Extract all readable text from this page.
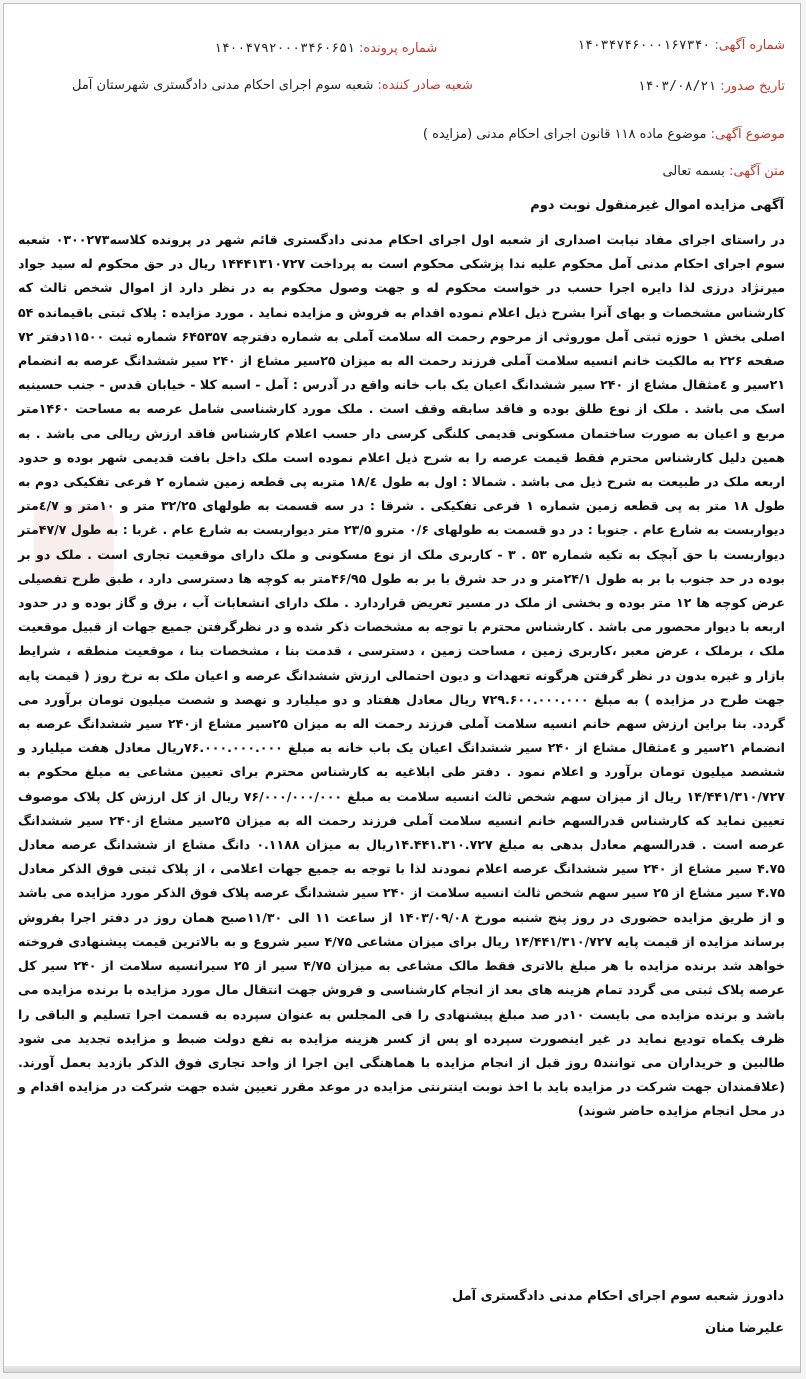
شماره آگهی: ۱۴۰۳۴۷۴۶۰۰۰۱۶۷۳۴۰
شماره پرونده: ۱۴۰۰۴۷۹۲۰۰۰۳۴۶۰۶۵۱
تاریخ صدور: ۱۴۰۳/۰۸/۲۱
شعبه صادر کننده: شعبه سوم اجرای احکام مدنی دادگستری شهرستان آمل
موضوع آگهی: موضوع ماده ۱۱۸ قانون اجرای احکام مدنی (مزایده )
متن آگهی: بسمه تعالی
آگهی مزایده اموال غیرمنقول نوبت دوم
در راستای اجرای مفاد نیابت اصداری از شعبه اول اجرای احکام مدنی دادگستری قائم شهر در پرونده کلاسه۰۳۰۰۲۷۳ شعبه سوم اجرای احکام مدنی آمل محکوم علیه ندا پزشکی محکوم است به پرداخت ۱۴۴۴۱۳۱۰۷۲۷ ریال در حق محکوم له سید جواد میرنژاد درزی لذا دایره اجرا حسب در خواست محکوم له و جهت وصول محکوم به در نظر دارد از اموال شخص ثالث که کارشناس مشخصات و بهای آنرا بشرح ذیل اعلام نموده اقدام به فروش و مزایده نماید . مورد مزایده : پلاک ثبتی باقیمانده ۵۴ اصلی بخش ۱ حوزه ثبتی آمل موروثی از مرحوم رحمت اله سلامت آملی به شماره دفترچه ۶۴۵۳۵۷ شماره ثبت ۱۱۵۰۰دفتر ۷۲ صفحه ۲۲۶ به مالکیت خانم انسیه سلامت آملی فرزند رحمت اله به میزان ۲۵سیر مشاع از ۲۴۰ سیر ششدانگ عرصه به انضمام ۲۱سیر و ٤مثقال مشاع از ۲۴۰ سیر ششدانگ اعیان یک باب خانه واقع در آدرس : آمل - اسبه کلا - خیابان قدس - جنب حسینیه اسک می باشد . ملک از نوع طلق بوده و فاقد سابقه وقف است . ملک مورد کارشناسی شامل عرصه به مساحت ۱۴۶۰متر مربع و اعیان به صورت ساختمان مسکونی قدیمی کلنگی کرسی دار حسب اعلام کارشناس فاقد ارزش ریالی می باشد . به همین دلیل کارشناس محترم فقط قیمت عرصه را به شرح ذیل اعلام نموده است ملک داخل بافت قدیمی شهر بوده و حدود اربعه ملک در طبیعت به شرح ذیل می باشد . شمالا : اول به طول ۱۸/٤ متربه پی قطعه زمین شماره ۲ فرعی تفکیکی دوم به طول ۱۸ متر به پی قطعه زمین شماره ۱ فرعی تفکیکی . شرقا : در سه قسمت به طولهای ۳۲/۲۵ متر و ۱۰متر و ٤/۷متر دیواربست به شارع عام . جنوبا : در دو قسمت به طولهای ۰/۶ مترو ۲۳/۵ متر دیواربست به شارع عام . غربا : به طول ۴۷/۷متر دیواربست با حق آبچک به تکیه شماره ۵۳ . ۳ - کاربری ملک از نوع مسکونی و ملک دارای موقعیت تجاری است . ملک دو بر بوده در حد جنوب با بر به طول ۲۴/۱متر و در حد شرق با بر به طول ۴۶/۹۵متر به کوچه ها دسترسی دارد ، طبق طرح تفصیلی عرض کوچه ها ۱۲ متر بوده و بخشی از ملک در مسیر تعریض قراردارد . ملک دارای انشعابات آب ، برق و گاز بوده و در حدود اربعه با دیوار محصور می باشد . کارشناس محترم با توجه به مشخصات ذکر شده و در نظرگرفتن جمیع جهات از قبیل موقعیت ملک ، برملک ، عرض معبر ،کاربری زمین ، مساحت زمین ، دسترسی ، قدمت بنا ، مشخصات بنا ، موقعیت منطقه ، شرایط بازار و غیره بدون در نظر گرفتن هرگونه تعهدات و دیون احتمالی ارزش ششدانگ عرصه و اعیان ملک به نرخ روز ( قیمت پایه جهت طرح در مزایده ) به مبلغ ۷۲۹.۶۰۰.۰۰۰.۰۰۰ ریال معادل هفتاد و دو میلیارد و نهصد و شصت میلیون تومان برآورد می گردد. بنا براین ارزش سهم خانم انسیه سلامت آملی فرزند رحمت اله به میزان ۲۵سیر مشاع از۲۴۰ سیر ششدانگ عرصه به انضمام ۲۱سیر و ٤مثقال مشاع از ۲۴۰ سیر ششدانگ اعیان یک باب خانه به مبلغ ۷۶.۰۰۰.۰۰۰.۰۰۰ریال معادل هفت میلیارد و ششصد میلیون تومان برآورد و اعلام نمود . دفتر طی ابلاغیه به کارشناس محترم برای تعیین مشاعی به مبلغ محکوم به ۱۴/۴۴۱/۳۱۰/۷۲۷ ریال از میزان سهم شخص ثالث انسیه سلامت به مبلغ ۷۶/۰۰۰/۰۰۰/۰۰۰ ریال از کل ارزش کل پلاک موصوف تعیین نماید که کارشناس قدرالسهم خانم انسیه سلامت آملی فرزند رحمت اله به میزان ۲۵سیر مشاع از۲۴۰ سیر ششدانگ عرصه است . قدرالسهم معادل بدهی به مبلغ ۱۴.۴۴۱.۳۱۰.۷۲۷ریال به میزان ۰.۱۱۸۸ دانگ مشاع از ششدانگ عرصه معادل ۴.۷۵ سیر مشاع از ۲۴۰ سیر ششدانگ عرصه اعلام نمودند لذا با توجه به جمیع جهات اعلامی ، از پلاک ثبتی فوق الذکر معادل ۴.۷۵ سیر مشاع از ۲۵ سیر سهم شخص ثالث انسیه سلامت از ۲۴۰ سیر ششدانگ عرصه پلاک فوق الذکر مورد مزایده می باشد و از طریق مزایده حضوری در روز پنج شنبه مورخ ۱۴۰۳/۰۹/۰۸ از ساعت ۱۱ الی ۱۱/۳۰صبح همان روز در دفتر اجرا بفروش برساند مزایده از قیمت پایه ۱۴/۴۴۱/۳۱۰/۷۲۷ ریال برای میزان مشاعی ۴/۷۵ سیر شروع و به بالاترین قیمت پیشنهادی فروخته خواهد شد برنده مزایده با هر مبلغ بالاتری فقط مالک مشاعی به میزان ۴/۷۵ سیر از ۲۵ سیرانسیه سلامت از ۲۴۰ سیر کل عرصه پلاک ثبتی می گردد تمام هزینه های بعد از انجام کارشناسی و فروش جهت انتقال مال مورد مزایده با برنده مزایده می باشد و برنده مزایده می بایست ۱۰در صد مبلغ پیشنهادی را فی المجلس به عنوان سپرده به قسمت اجرا تسلیم و الباقی را ظرف یکماه تودیع نماید در غیر اینصورت سپرده او پس از کسر هزینه مزایده به نفع دولت ضبط و مزایده تجدید می شود طالبین و خریداران می توانند۵ روز قبل از انجام مزایده با هماهنگی این اجرا از واحد تجاری فوق الذکر بازدید بعمل آورند. (علاقمندان جهت شرکت در مزایده باید با اخذ نوبت اینترنتی مزایده در موعد مقرر تعیین شده جهت شرکت در مزایده اقدام و در محل انجام مزایده حاضر شوند)
دادورز شعبه سوم اجرای احکام مدنی دادگستری آمل
علیرضا منان
